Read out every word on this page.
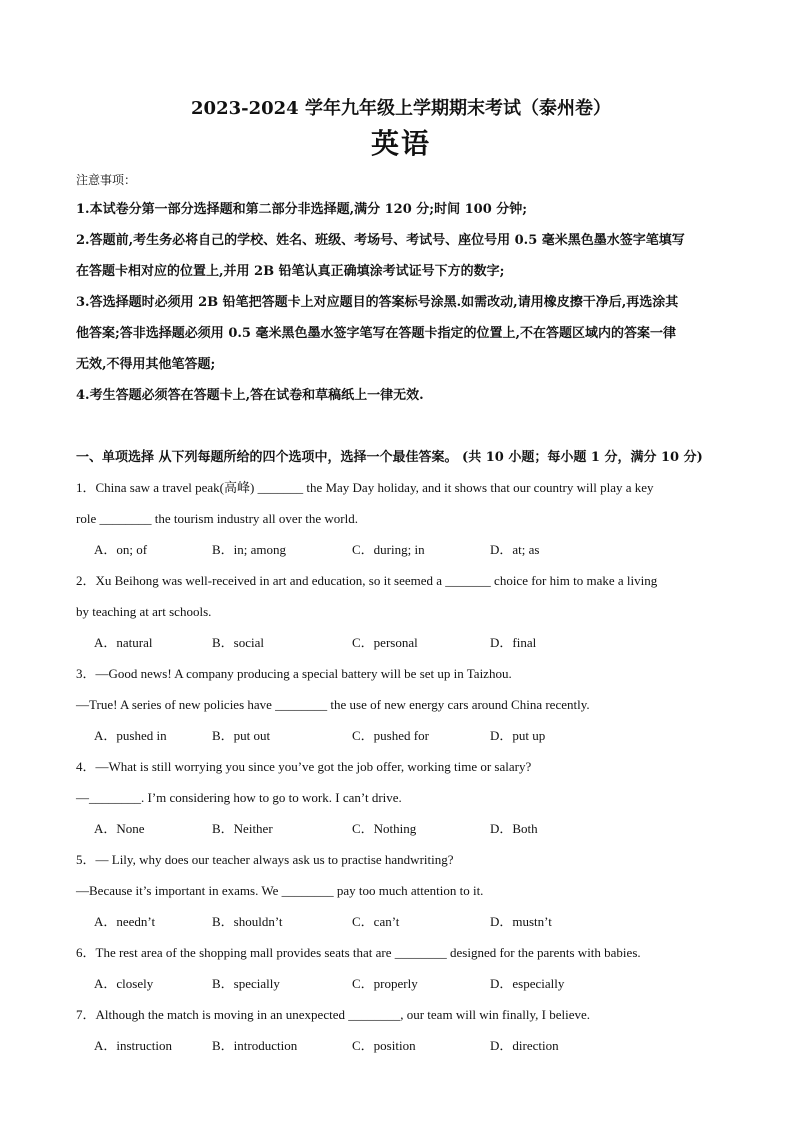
2023-2024 学年九年级上学期期末考试（泰州卷）
英语
注意事项：
1.本试卷分第一部分选择题和第二部分非选择题,满分 120 分;时间 100 分钟;
2.答题前,考生务必将自己的学校、姓名、班级、考场号、考试号、座位号用 0.5 毫米黑色墨水签字笔填写
在答题卡相对应的位置上,并用 2B 铅笔认真正确填涂考试证号下方的数字;
3.答选择题时必须用 2B 铅笔把答题卡上对应题目的答案标号涂黑.如需改动,请用橡皮擦干净后,再选涂其
他答案;答非选择题必须用 0.5 毫米黑色墨水签字笔写在答题卡指定的位置上,不在答题区域内的答案一律
无效,不得用其他笔答题;
4.考生答题必须答在答题卡上,答在试卷和草稿纸上一律无效.
一、单项选择 从下列每题所给的四个选项中，选择一个最佳答案。 (共 10 小题；每小题 1 分，满分 10 分)
1．China saw a travel peak(高峰) _______ the May Day holiday, and it shows that our country will play a key
role ________ the tourism industry all over the world.
A．on; of	B．in; among	C．during; in	D．at; as
2．Xu Beihong was well-received in art and education, so it seemed a _______ choice for him to make a living
by teaching at art schools.
A．natural	B．social	C．personal	D．final
3．—Good news! A company producing a special battery will be set up in Taizhou.
—True! A series of new policies have ________ the use of new energy cars around China recently.
A．pushed in	B．put out	C．pushed for	D．put up
4．—What is still worrying you since you’ve got the job offer, working time or salary?
—________. I’m considering how to go to work. I can’t drive.
A．None	B．Neither	C．Nothing	D．Both
5．— Lily, why does our teacher always ask us to practise handwriting?
—Because it’s important in exams. We ________ pay too much attention to it.
A．needn’t	B．shouldn’t	C．can’t	D．mustn’t
6．The rest area of the shopping mall provides seats that are ________ designed for the parents with babies.
A．closely	B．specially	C．properly	D．especially
7．Although the match is moving in an unexpected ________, our team will win finally, I believe.
A．instruction	B．introduction	C．position	D．direction
